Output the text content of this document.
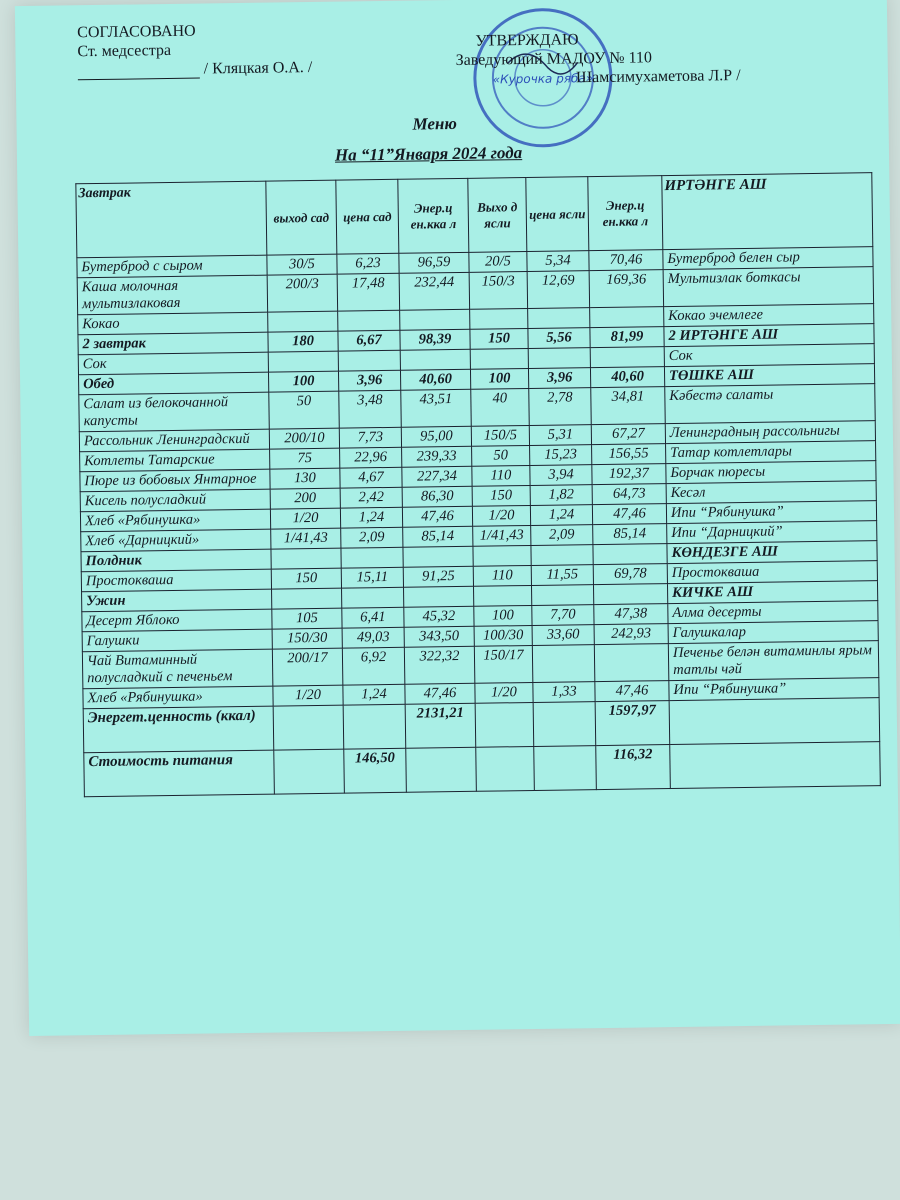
СОГЛАСОВАНО
Ст. медсестра
/ Кляцкая О.А. /
«Курочка ряба»
УТВЕРЖДАЮ
Заведующий МАДОУ № 110
Шамсимухаметова Л.Р /
Меню
На “11”Января 2024 года
Завтрак	выход сад	цена сад	Энер.ц ен.кка л	Выхо д ясли	цена ясли	Энер.ц ен.кка л	ИРТӘНГЕ АШ
Бутерброд с сыром	30/5	6,23	96,59	20/5	5,34	70,46	Бутерброд белен сыр
Каша молочная мультизлаковая	200/3	17,48	232,44	150/3	12,69	169,36	Мультизлак боткасы
Кокао							Кокао эчемлеге
2 завтрак	180	6,67	98,39	150	5,56	81,99	2 ИРТӘНГЕ АШ
Сок							Сок
Обед	100	3,96	40,60	100	3,96	40,60	ТӨШКЕ АШ
Салат из белокочанной капусты	50	3,48	43,51	40	2,78	34,81	Кәбестә салаты
Рассольник Ленинградский	200/10	7,73	95,00	150/5	5,31	67,27	Ленинградның рассольнигы
Котлеты Татарские	75	22,96	239,33	50	15,23	156,55	Татар котлетлары
Пюре из бобовых Янтарное	130	4,67	227,34	110	3,94	192,37	Борчак пюресы
Кисель полусладкий	200	2,42	86,30	150	1,82	64,73	Кесәл
Хлеб «Рябинушка»	1/20	1,24	47,46	1/20	1,24	47,46	Ипи “Рябинушка”
Хлеб «Дарницкий»	1/41,43	2,09	85,14	1/41,43	2,09	85,14	Ипи “Дарницкий”
Полдник							КӨНДЕЗГЕ АШ
Простокваша	150	15,11	91,25	110	11,55	69,78	Простокваша
Ужин							КИЧКЕ АШ
Десерт Яблоко	105	6,41	45,32	100	7,70	47,38	Алма десерты
Галушки	150/30	49,03	343,50	100/30	33,60	242,93	Галушкалар
Чай Витаминный полусладкий с печеньем	200/17	6,92	322,32	150/17			Печенье белән витаминлы ярым татлы чәй
Хлеб «Рябинушка»	1/20	1,24	47,46	1/20	1,33	47,46	Ипи “Рябинушка”
Энергет.ценность (ккал)			2131,21			1597,97	
Стоимость питания		146,50				116,32	
